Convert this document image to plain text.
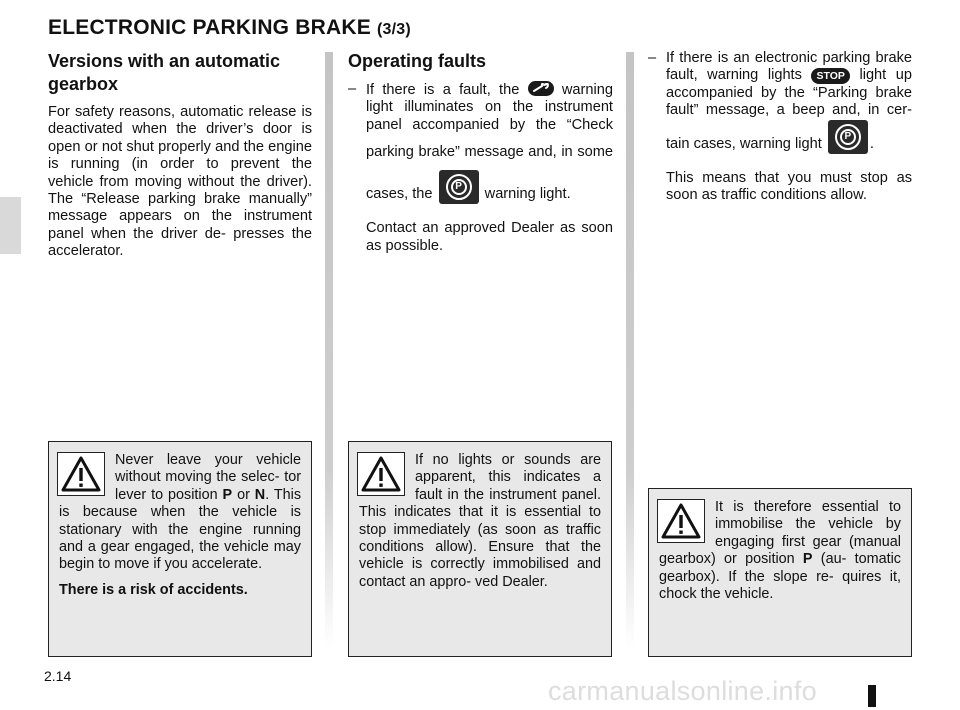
ELECTRONIC PARKING BRAKE (3/3)
Versions with an automatic gearbox

For safety reasons, automatic release is deactivated when the driver’s door is open or not shut properly and the engine is running (in order to prevent the vehicle from moving without the driver). The “Release parking brake manually” message appears on the instrument panel when the driver de- presses the accelerator.

Operating faults
– If there is a fault, the	warning light illuminates on the instrument panel accompanied by the “Check parking brake” message and, in some cases, the	P	warning light.

Contact an approved Dealer as soon as possible.

– If there is an electronic parking brake fault, warning lights STOP light up accompanied by the “Parking brake fault” message, a beep and, in cer- tain cases, warning light	P	.

This means that you must stop as soon as traffic conditions allow.

Never leave your vehicle without moving the selec- tor lever to position P or N. This is because when the vehicle is stationary with the engine running and a gear engaged, the vehicle may begin to move if you accelerate.

There is a risk of accidents.

If no lights or sounds are apparent, this indicates a fault in the instrument panel. This indicates that it is essential to stop immediately (as soon as traffic conditions allow). Ensure that the vehicle is correctly immobilised and contact an appro- ved Dealer.

It is therefore essential to immobilise the vehicle by engaging first gear (manual gearbox) or position P (au- tomatic gearbox). If the slope re- quires it, chock the vehicle.

2.14	carmanualsonline.info
